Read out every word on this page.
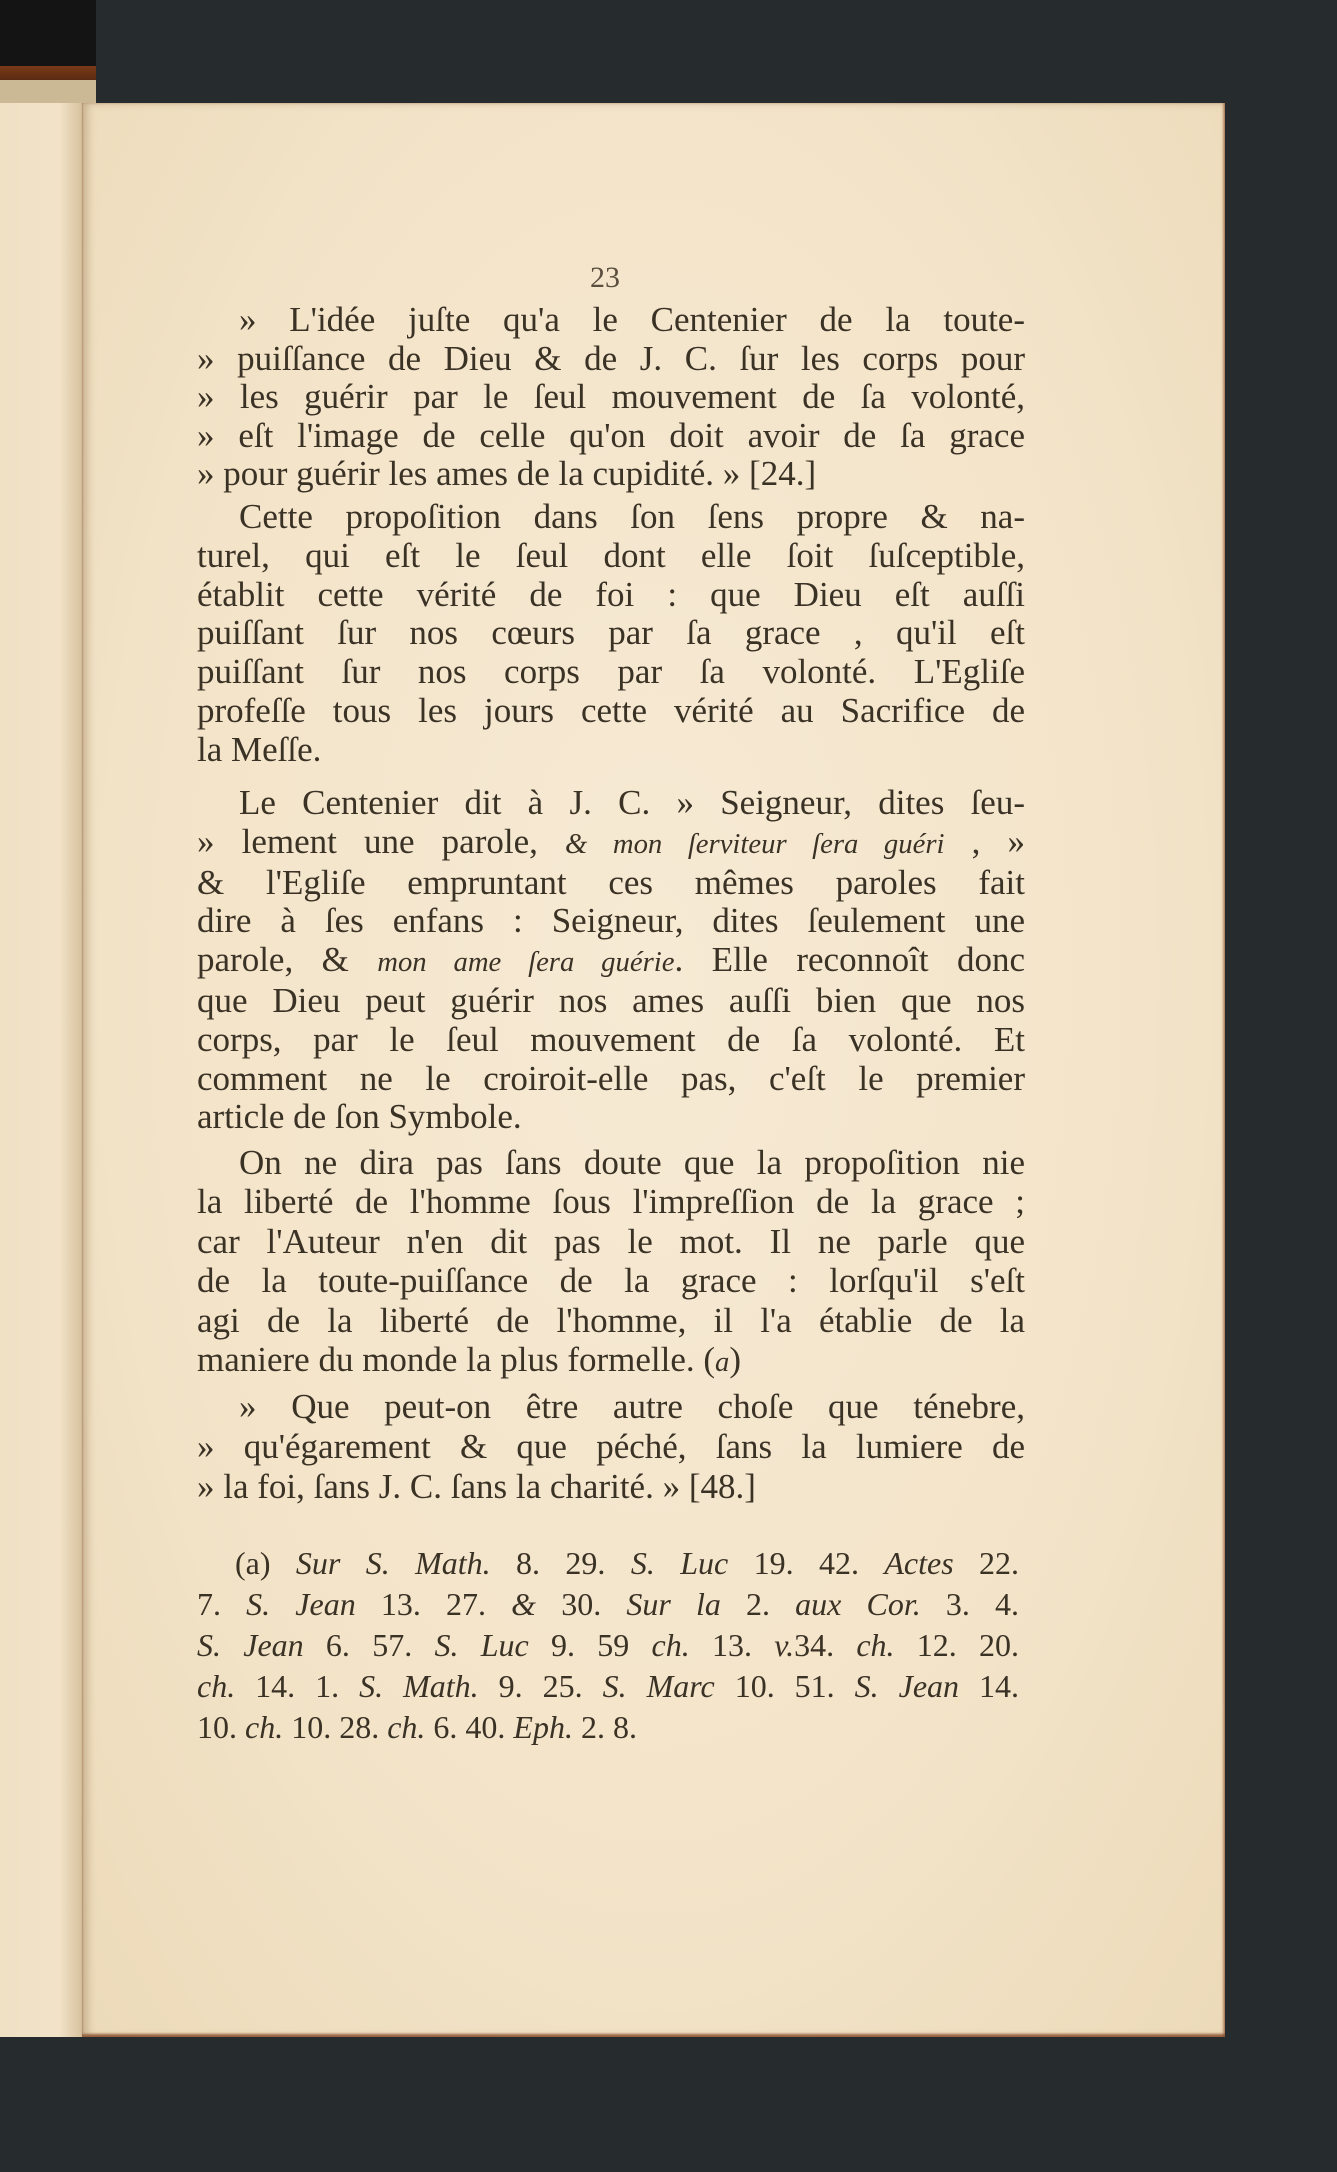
23
» L'idée juſte qu'a le Centenier de la toute-
» puiſſance de Dieu & de J. C. ſur les corps pour
» les guérir par le ſeul mouvement de ſa volonté,
» eſt l'image de celle qu'on doit avoir de ſa grace
» pour guérir les ames de la cupidité. » [24.]
Cette propoſition dans ſon ſens propre & na-
turel, qui eſt le ſeul dont elle ſoit ſuſceptible,
établit cette vérité de foi : que Dieu eſt auſſi
puiſſant ſur nos cœurs par ſa grace , qu'il eſt
puiſſant ſur nos corps par ſa volonté. L'Egliſe
profeſſe tous les jours cette vérité au Sacrifice de
la Meſſe.
Le Centenier dit à J. C. » Seigneur, dites ſeu-
» lement une parole, & mon ſerviteur ſera guéri , »
& l'Egliſe empruntant ces mêmes paroles fait
dire à ſes enfans : Seigneur, dites ſeulement une
parole, & mon ame ſera guérie. Elle reconnoît donc
que Dieu peut guérir nos ames auſſi bien que nos
corps, par le ſeul mouvement de ſa volonté. Et
comment ne le croiroit-elle pas, c'eſt le premier
article de ſon Symbole.
On ne dira pas ſans doute que la propoſition nie
la liberté de l'homme ſous l'impreſſion de la grace ;
car l'Auteur n'en dit pas le mot. Il ne parle que
de la toute-puiſſance de la grace : lorſqu'il s'eſt
agi de la liberté de l'homme, il l'a établie de la
maniere du monde la plus formelle. (a)
» Que peut-on être autre choſe que ténebre,
» qu'égarement & que péché, ſans la lumiere de
» la foi, ſans J. C. ſans la charité. » [48.]
(a) Sur S. Math. 8. 29. S. Luc 19. 42. Actes 22.
7. S. Jean 13. 27. & 30. Sur la 2. aux Cor. 3. 4.
S. Jean 6. 57. S. Luc 9. 59 ch. 13. v.34. ch. 12. 20.
ch. 14. 1. S. Math. 9. 25. S. Marc 10. 51. S. Jean 14.
10. ch. 10. 28. ch. 6. 40. Eph. 2. 8.
